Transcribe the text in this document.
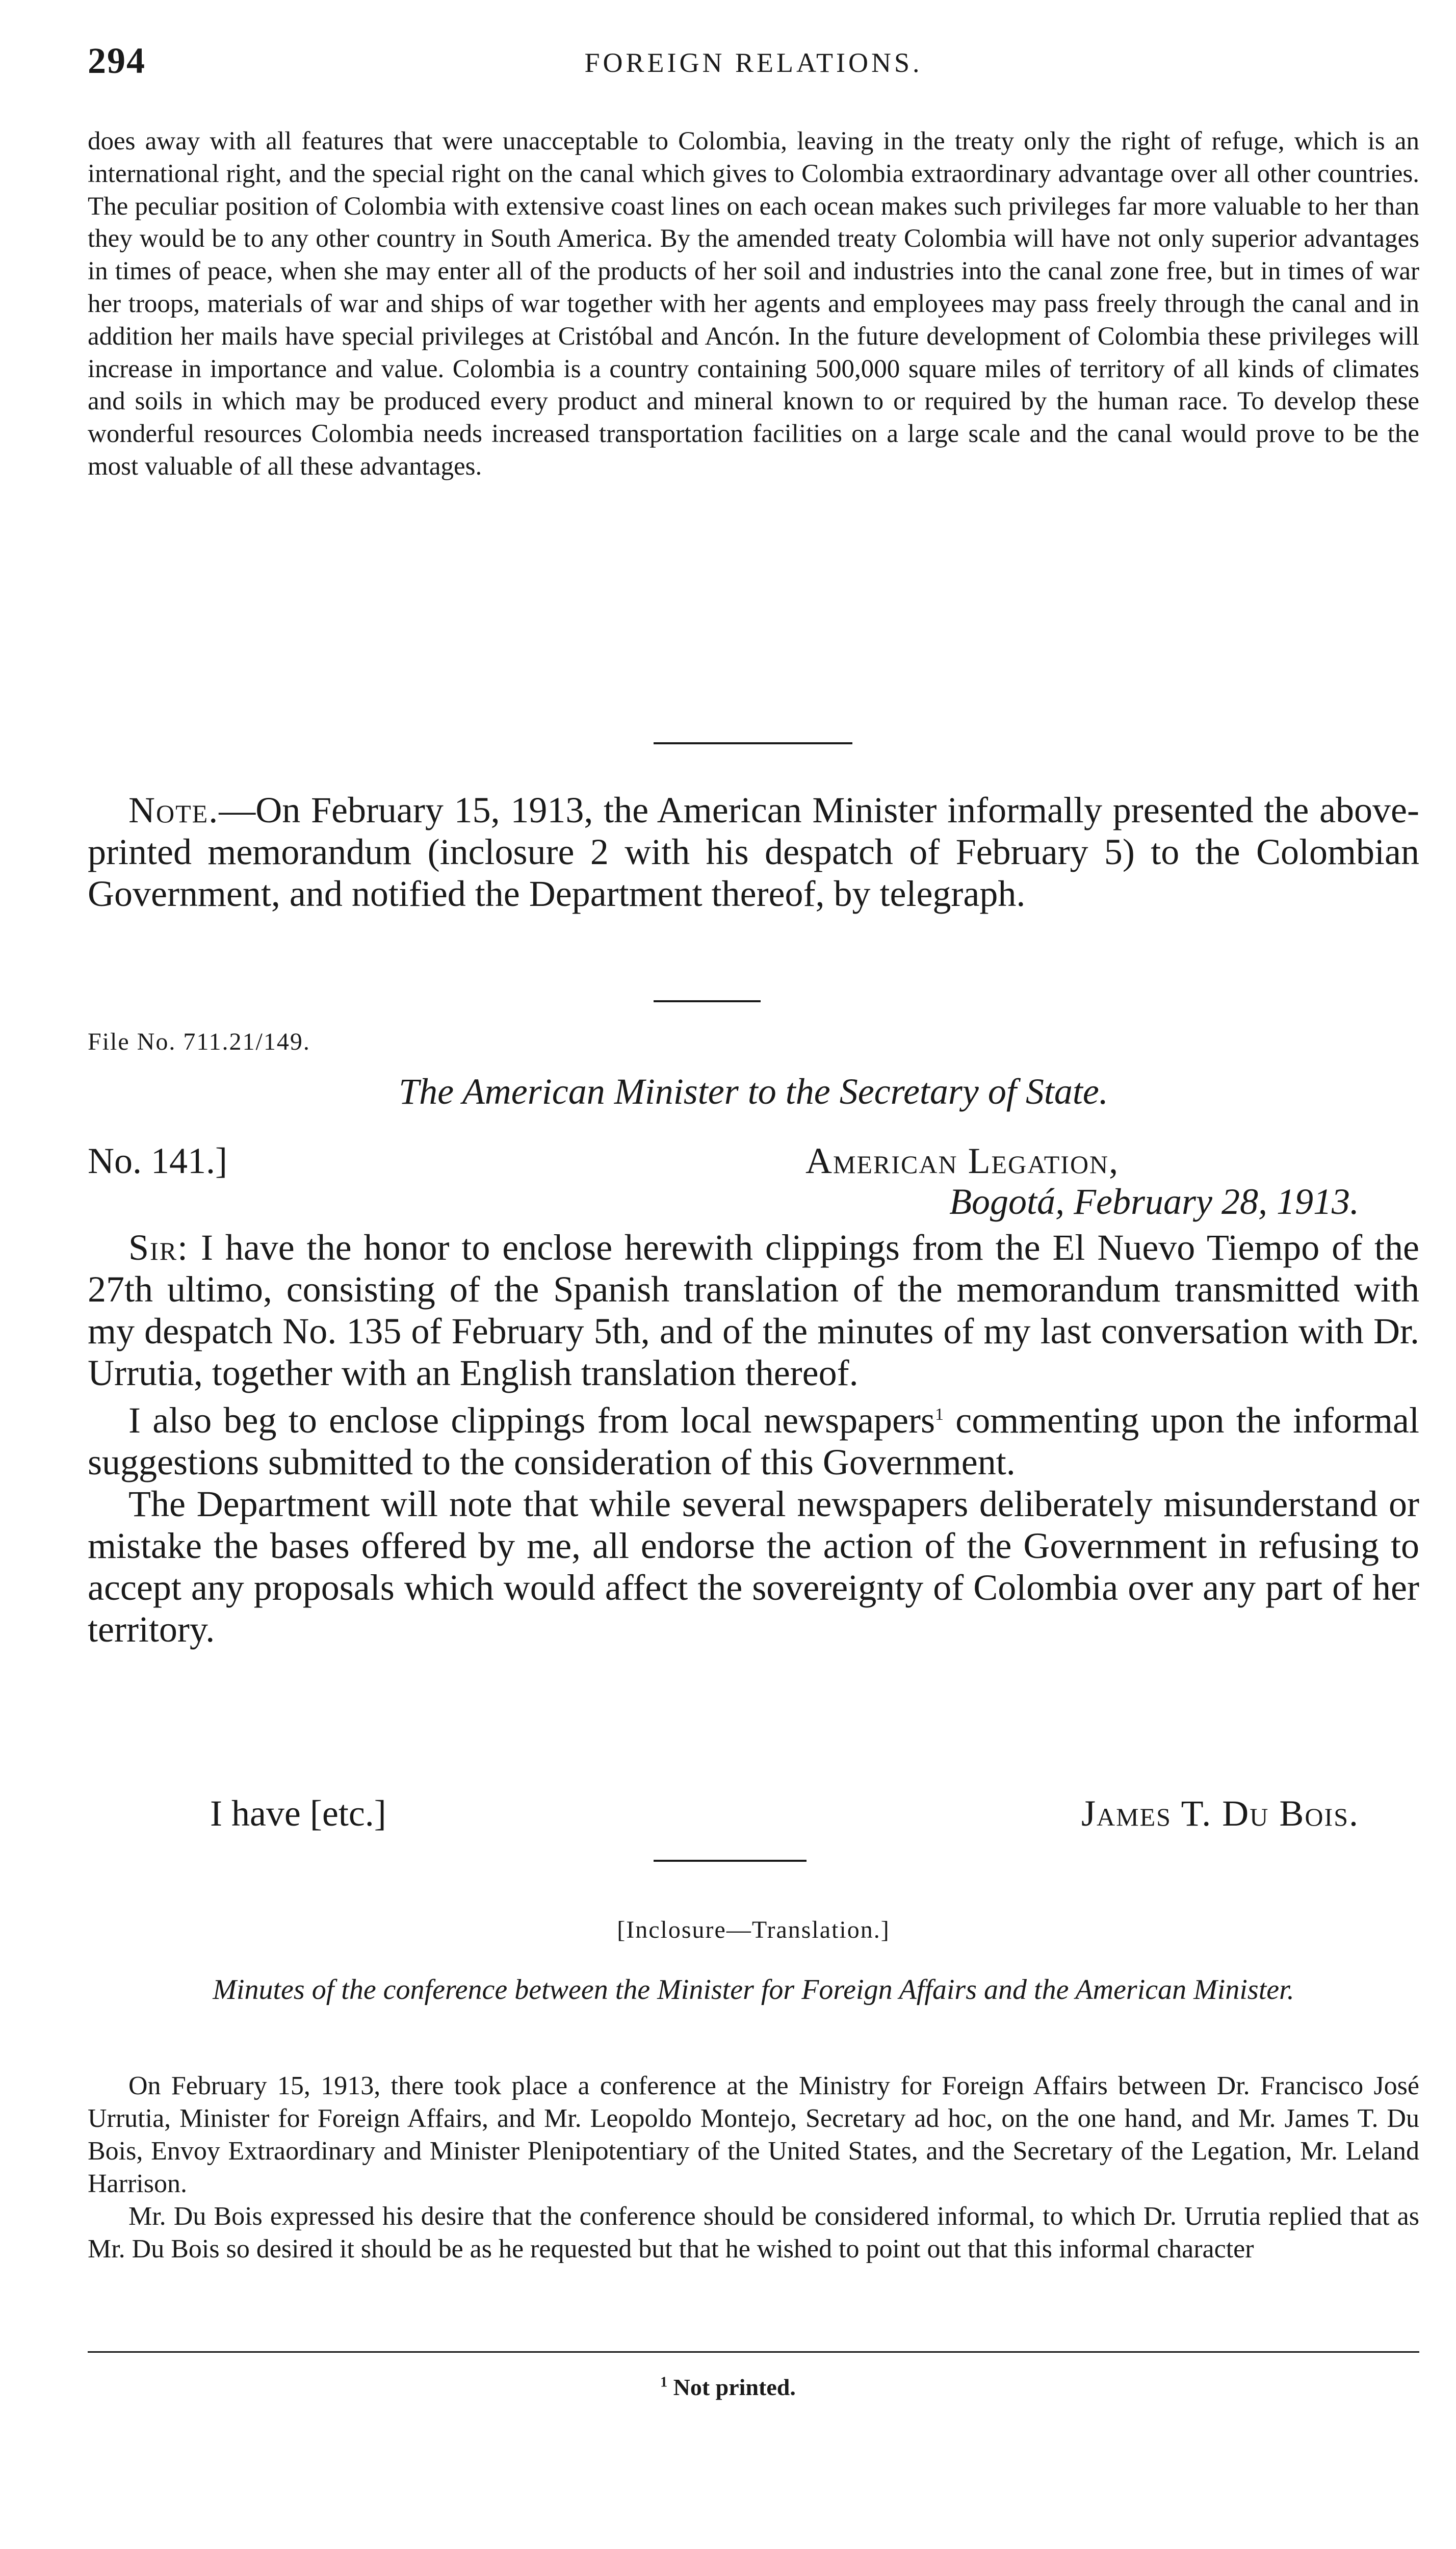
294	FOREIGN RELATIONS.

does away with all features that were unacceptable to Colombia, leaving in the treaty only the right of refuge, which is an international right, and the special right on the canal which gives to Colombia extraordinary advantage over all other countries. The peculiar position of Colombia with extensive coast lines on each ocean makes such privileges far more valuable to her than they would be to any other country in South America. By the amended treaty Colombia will have not only superior advantages in times of peace, when she may enter all of the products of her soil and industries into the canal zone free, but in times of war her troops, materials of war and ships of war together with her agents and employees may pass freely through the canal and in addition her mails have special privileges at Cristóbal and Ancón. In the future development of Colombia these privileges will increase in importance and value. Colombia is a country containing 500,000 square miles of territory of all kinds of climates and soils in which may be produced every product and mineral known to or required by the human race. To develop these wonderful resources Colombia needs increased transportation facilities on a large scale and the canal would prove to be the most valuable of all these advantages.

Note.—On February 15, 1913, the American Minister informally presented the above-printed memorandum (inclosure 2 with his despatch of February 5) to the Colombian Government, and notified the Department thereof, by telegraph.

File No. 711.21/149.
The American Minister to the Secretary of State.
No. 141.]	American Legation,
Bogotá, February 28, 1913.

Sir: I have the honor to enclose herewith clippings from the El Nuevo Tiempo of the 27th ultimo, consisting of the Spanish translation of the memorandum transmitted with my despatch No. 135 of February 5th, and of the minutes of my last conversation with Dr. Urrutia, together with an English translation thereof.

I also beg to enclose clippings from local newspapers$^1$ commenting upon the informal suggestions submitted to the consideration of this Government.

The Department will note that while several newspapers deliberately misunderstand or mistake the bases offered by me, all endorse the action of the Government in refusing to accept any proposals which would affect the sovereignty of Colombia over any part of her territory.

I have [etc.]	James T. Du Bois.
[Inclosure—Translation.]
Minutes of the conference between the Minister for Foreign Affairs and the American Minister.

On February 15, 1913, there took place a conference at the Ministry for Foreign Affairs between Dr. Francisco José Urrutia, Minister for Foreign Affairs, and Mr. Leopoldo Montejo, Secretary ad hoc, on the one hand, and Mr. James T. Du Bois, Envoy Extraordinary and Minister Plenipotentiary of the United States, and the Secretary of the Legation, Mr. Leland Harrison.

Mr. Du Bois expressed his desire that the conference should be considered informal, to which Dr. Urrutia replied that as Mr. Du Bois so desired it should be as he requested but that he wished to point out that this informal character

$^1$ Not printed.
